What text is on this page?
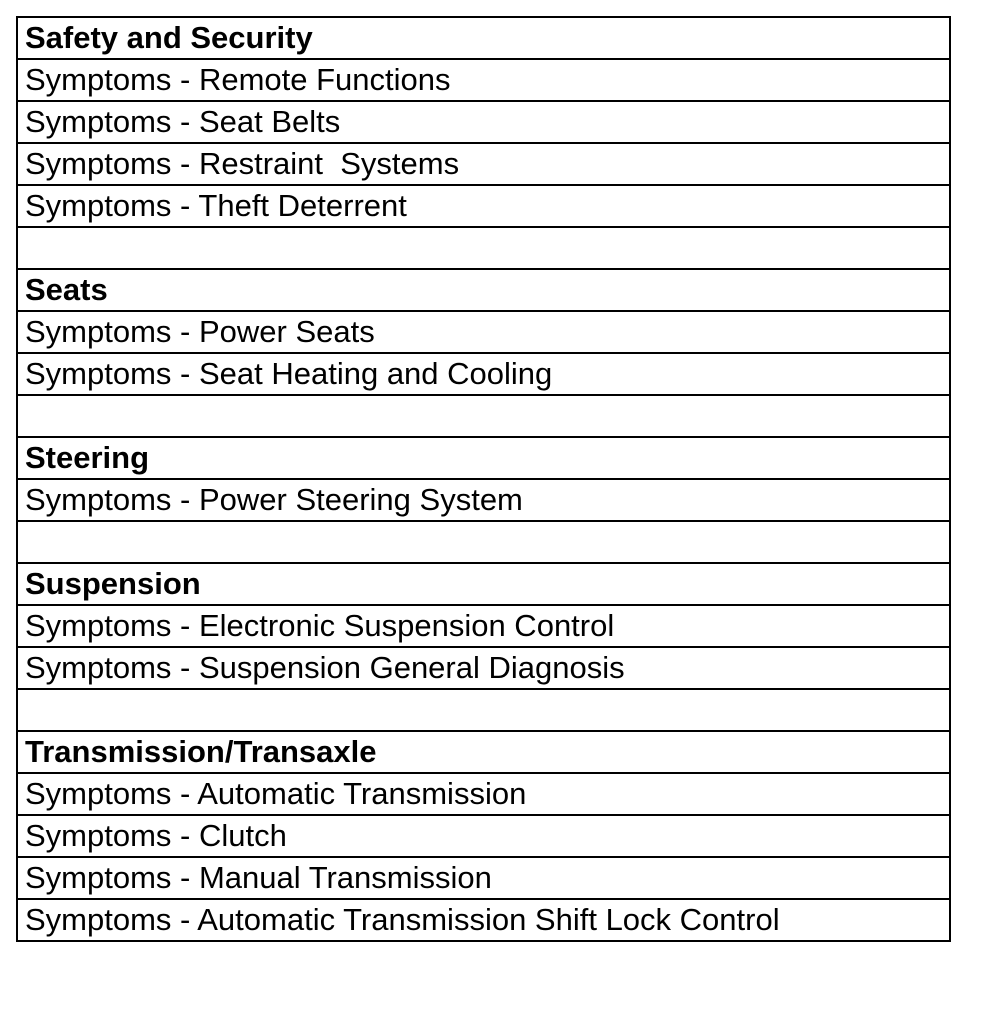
Safety and Security
Symptoms - Remote Functions
Symptoms - Seat Belts
Symptoms - Restraint  Systems
Symptoms - Theft Deterrent

Seats
Symptoms - Power Seats
Symptoms - Seat Heating and Cooling

Steering
Symptoms - Power Steering System

Suspension
Symptoms - Electronic Suspension Control
Symptoms - Suspension General Diagnosis

Transmission/Transaxle
Symptoms - Automatic Transmission
Symptoms - Clutch
Symptoms - Manual Transmission
Symptoms - Automatic Transmission Shift Lock Control
